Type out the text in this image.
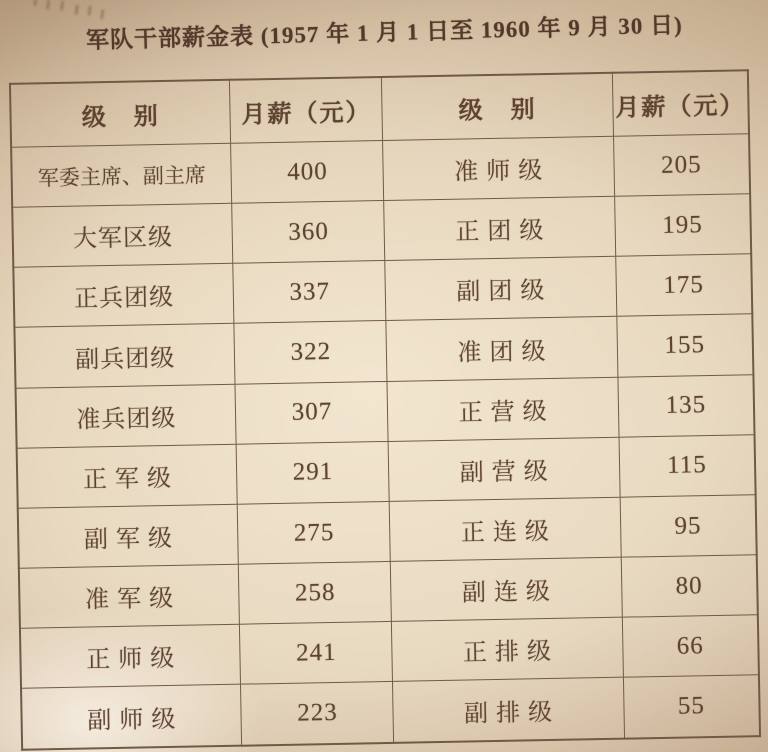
军队干部薪金表 (1957 年 1 月 1 日至 1960 年 9 月 30 日)
级　别	月薪（元）	级　别	月薪（元）
军委主席、副主席	400	准 师 级	205
大军区级	360	正 团 级	195
正兵团级	337	副 团 级	175
副兵团级	322	准 团 级	155
准兵团级	307	正 营 级	135
正 军 级	291	副 营 级	115
副 军 级	275	正 连 级	95
准 军 级	258	副 连 级	80
正 师 级	241	正 排 级	66
副 师 级	223	副 排 级	55
